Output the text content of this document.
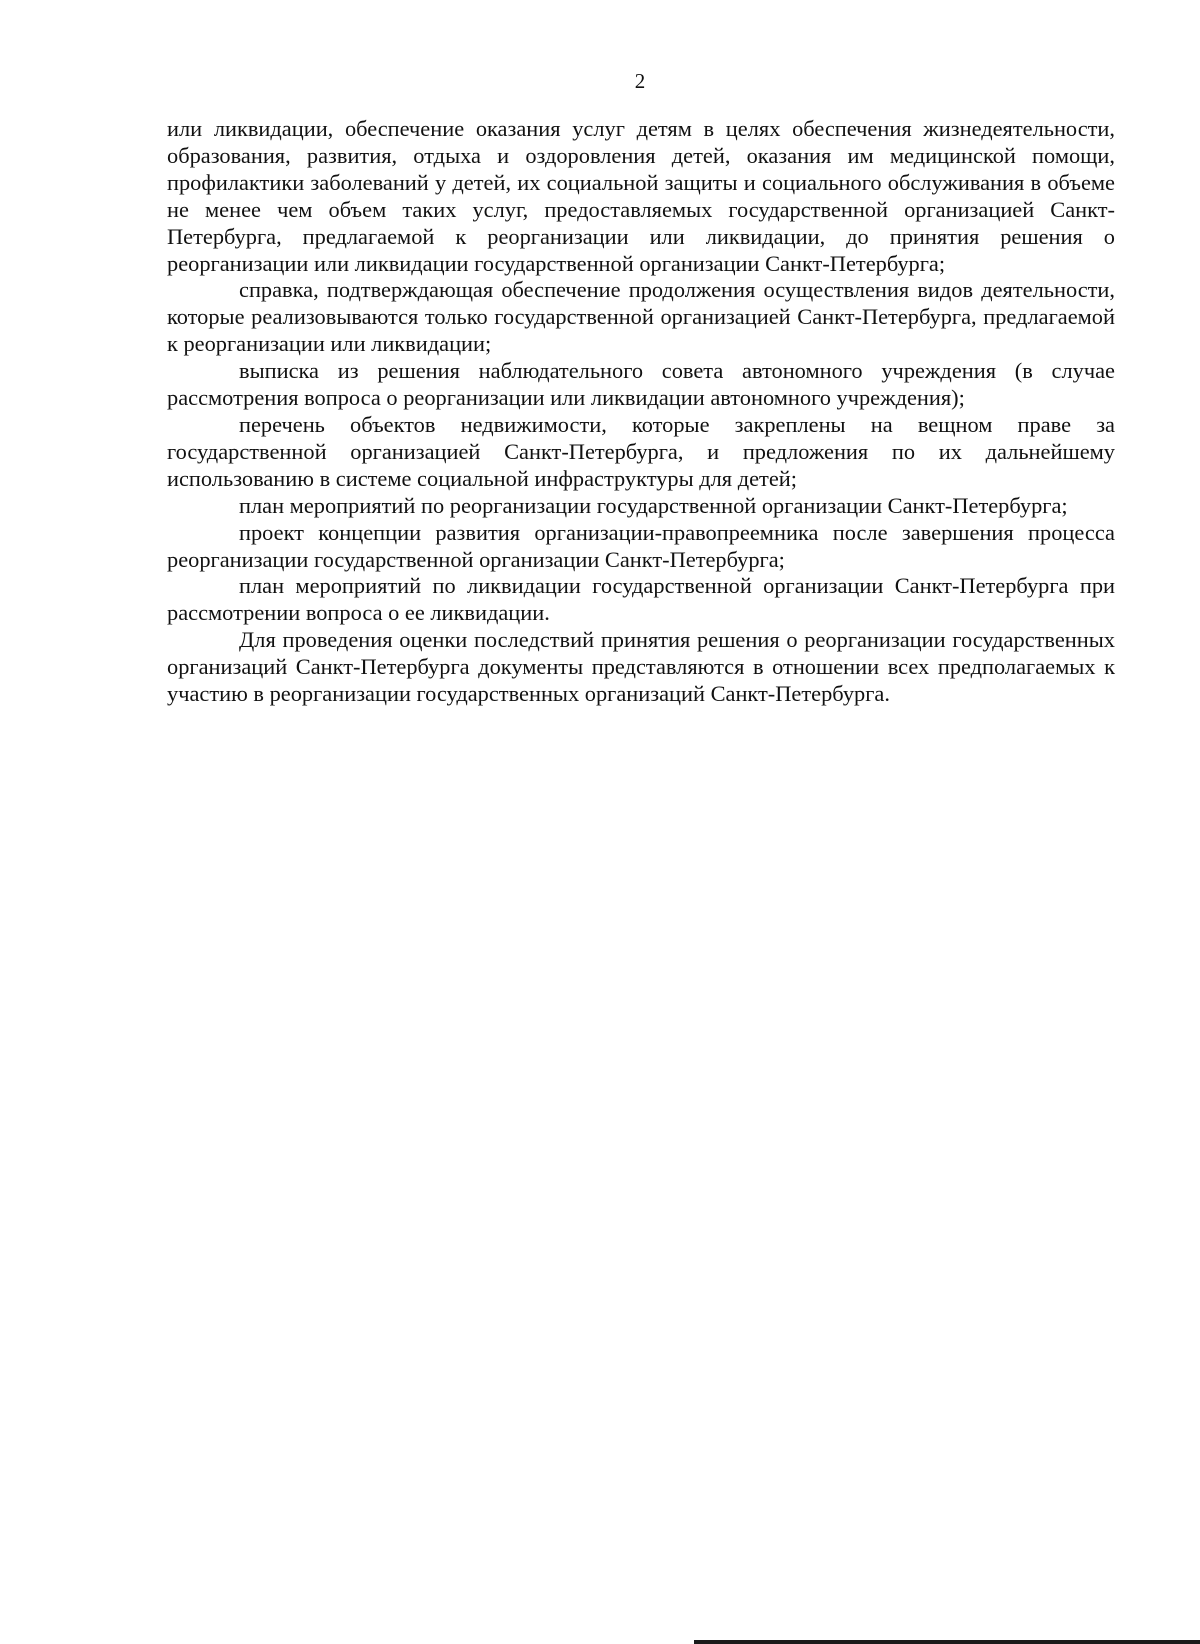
2

или ликвидации, обеспечение оказания услуг детям в целях обеспечения жизнедеятельности, образования, развития, отдыха и оздоровления детей, оказания им медицинской помощи, профилактики заболеваний у детей, их социальной защиты и социального обслуживания в объеме не менее чем объем таких услуг, предоставляемых государственной организацией Санкт-Петербурга, предлагаемой к реорганизации или ликвидации, до принятия решения о реорганизации или ликвидации государственной организации Санкт-Петербурга;

справка, подтверждающая обеспечение продолжения осуществления видов деятельности, которые реализовываются только государственной организацией Санкт-Петербурга, предлагаемой к реорганизации или ликвидации;

выписка из решения наблюдательного совета автономного учреждения (в случае рассмотрения вопроса о реорганизации или ликвидации автономного учреждения);

перечень объектов недвижимости, которые закреплены на вещном праве за государственной организацией Санкт-Петербурга, и предложения по их дальнейшему использованию в системе социальной инфраструктуры для детей;

план мероприятий по реорганизации государственной организации Санкт-Петербурга;

проект концепции развития организации-правопреемника после завершения процесса реорганизации государственной организации Санкт-Петербурга;

план мероприятий по ликвидации государственной организации Санкт-Петербурга при рассмотрении вопроса о ее ликвидации.

Для проведения оценки последствий принятия решения о реорганизации государственных организаций Санкт-Петербурга документы представляются в отношении всех предполагаемых к участию в реорганизации государственных организаций Санкт-Петербурга.
